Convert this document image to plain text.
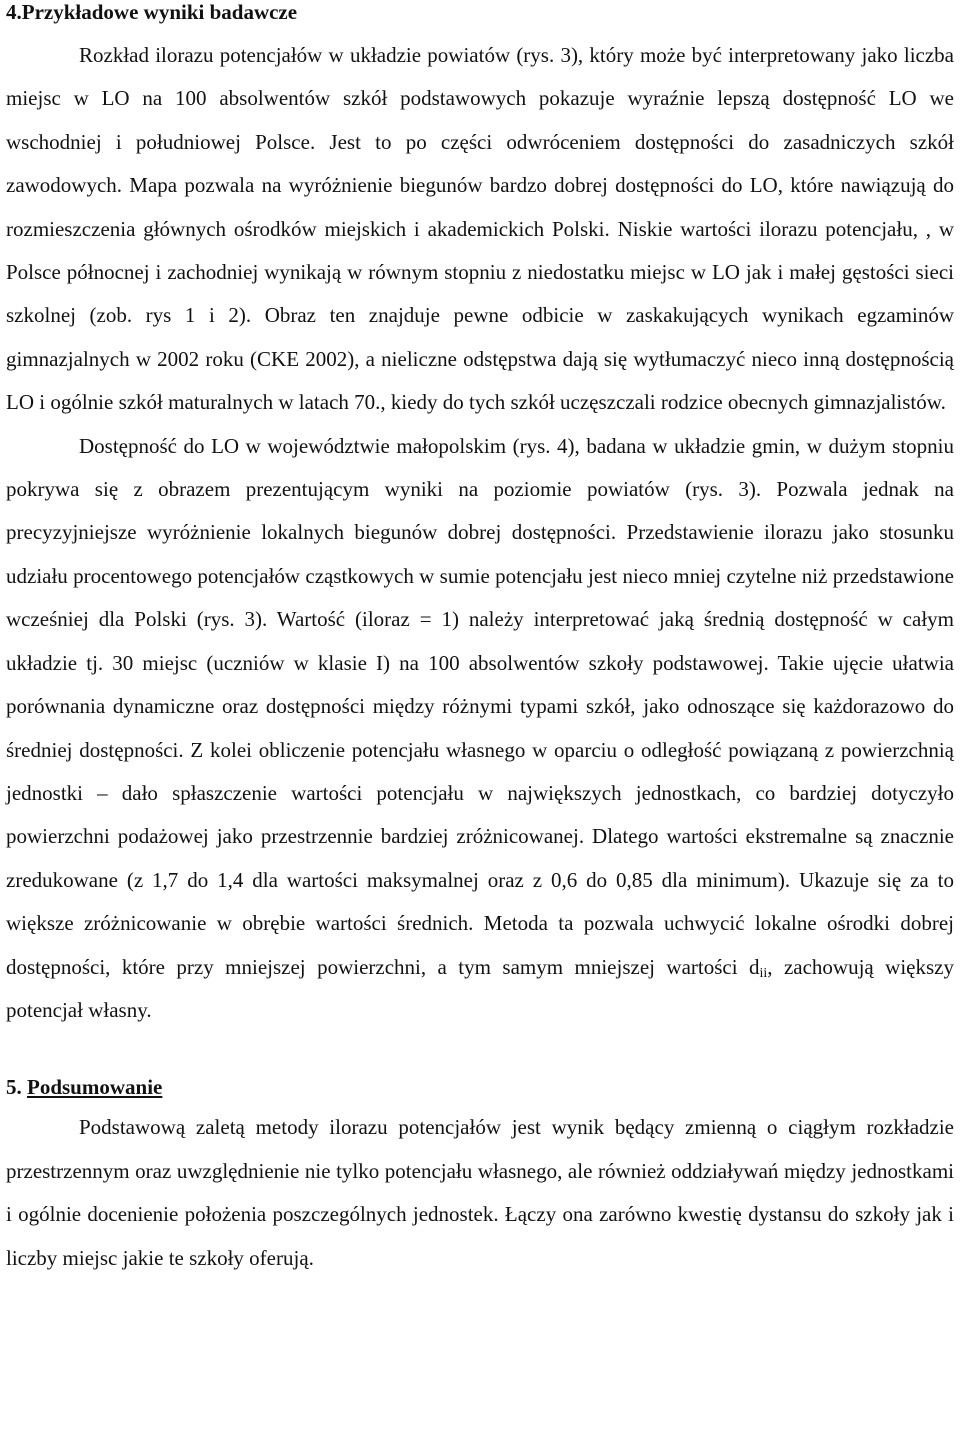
4.Przykładowe wyniki badawcze

Rozkład ilorazu potencjałów w układzie powiatów (rys. 3), który może być interpretowany jako liczba miejsc w LO na 100 absolwentów szkół podstawowych pokazuje wyraźnie lepszą dostępność LO we wschodniej i południowej Polsce. Jest to po części odwróceniem dostępności do zasadniczych szkół zawodowych. Mapa pozwala na wyróżnienie biegunów bardzo dobrej dostępności do LO, które nawiązują do rozmieszczenia głównych ośrodków miejskich i akademickich Polski. Niskie wartości ilorazu potencjału, , w Polsce północnej i zachodniej wynikają w równym stopniu z niedostatku miejsc w LO jak i małej gęstości sieci szkolnej (zob. rys 1 i 2). Obraz ten znajduje pewne odbicie w zaskakujących wynikach egzaminów gimnazjalnych w 2002 roku (CKE 2002), a nieliczne odstępstwa dają się wytłumaczyć nieco inną dostępnością LO i ogólnie szkół maturalnych w latach 70., kiedy do tych szkół uczęszczali rodzice obecnych gimnazjalistów.

Dostępność do LO w województwie małopolskim (rys. 4), badana w układzie gmin, w dużym stopniu pokrywa się z obrazem prezentującym wyniki na poziomie powiatów (rys. 3). Pozwala jednak na precyzyjniejsze wyróżnienie lokalnych biegunów dobrej dostępności. Przedstawienie ilorazu jako stosunku udziału procentowego potencjałów cząstkowych w sumie potencjału jest nieco mniej czytelne niż przedstawione wcześniej dla Polski (rys. 3). Wartość (iloraz = 1) należy interpretować jaką średnią dostępność w całym układzie tj. 30 miejsc (uczniów w klasie I) na 100 absolwentów szkoły podstawowej. Takie ujęcie ułatwia porównania dynamiczne oraz dostępności między różnymi typami szkół, jako odnoszące się każdorazowo do średniej dostępności. Z kolei obliczenie potencjału własnego w oparciu o odległość powiązaną z powierzchnią jednostki – dało spłaszczenie wartości potencjału w największych jednostkach, co bardziej dotyczyło powierzchni podażowej jako przestrzennie bardziej zróżnicowanej. Dlatego wartości ekstremalne są znacznie zredukowane (z 1,7 do 1,4 dla wartości maksymalnej oraz z 0,6 do 0,85 dla minimum). Ukazuje się za to większe zróżnicowanie w obrębie wartości średnich. Metoda ta pozwala uchwycić lokalne ośrodki dobrej dostępności, które przy mniejszej powierzchni, a tym samym mniejszej wartości $d_{ii}$, zachowują większy potencjał własny.

5. Podsumowanie

Podstawową zaletą metody ilorazu potencjałów jest wynik będący zmienną o ciągłym rozkładzie przestrzennym oraz uwzględnienie nie tylko potencjału własnego, ale również oddziaływań między jednostkami i ogólnie docenienie położenia poszczególnych jednostek. Łączy ona zarówno kwestię dystansu do szkoły jak i liczby miejsc jakie te szkoły oferują.
